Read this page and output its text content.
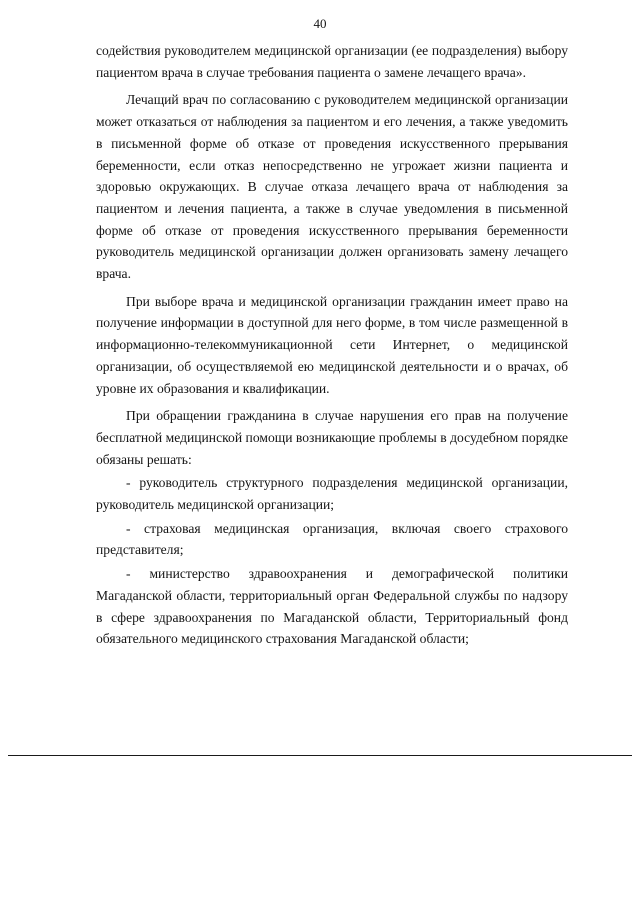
40

содействия руководителем медицинской организации (ее подразделения) выбору пациентом врача в случае требования пациента о замене лечащего врача».

Лечащий врач по согласованию с руководителем медицинской организации может отказаться от наблюдения за пациентом и его лечения, а также уведомить в письменной форме об отказе от проведения искусственного прерывания беременности, если отказ непосредственно не угрожает жизни пациента и здоровью окружающих. В случае отказа лечащего врача от наблюдения за пациентом и лечения пациента, а также в случае уведомления в письменной форме об отказе от проведения искусственного прерывания беременности руководитель медицинской организации должен организовать замену лечащего врача.

При выборе врача и медицинской организации гражданин имеет право на получение информации в доступной для него форме, в том числе размещенной в информационно-телекоммуникационной сети Интернет, о медицинской организации, об осуществляемой ею медицинской деятельности и о врачах, об уровне их образования и квалификации.

При обращении гражданина в случае нарушения его прав на получение бесплатной медицинской помощи возникающие проблемы в досудебном порядке обязаны решать:

- руководитель структурного подразделения медицинской организации, руководитель медицинской организации;

- страховая медицинская организация, включая своего страхового представителя;

- министерство здравоохранения и демографической политики Магаданской области, территориальный орган Федеральной службы по надзору в сфере здравоохранения по Магаданской области, Территориальный фонд обязательного медицинского страхования Магаданской области;
